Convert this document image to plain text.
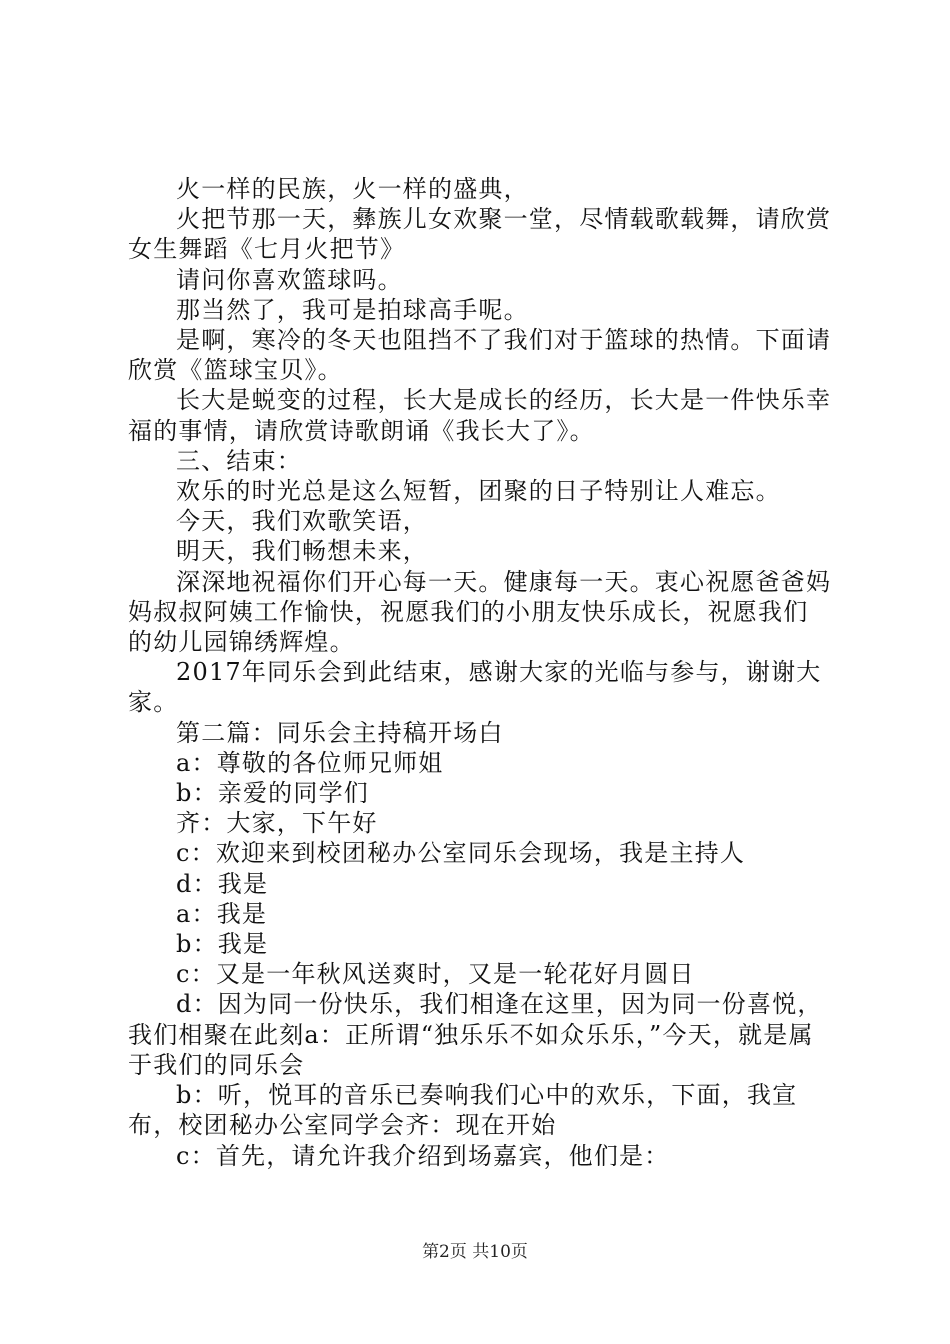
火一样的民族，火一样的盛典，

火把节那一天，彝族儿女欢聚一堂，尽情载歌载舞，请欣赏女生舞蹈《七月火把节》

请问你喜欢篮球吗。

那当然了，我可是拍球高手呢。

是啊，寒冷的冬天也阻挡不了我们对于篮球的热情。下面请欣赏《篮球宝贝》。

长大是蜕变的过程，长大是成长的经历，长大是一件快乐幸福的事情，请欣赏诗歌朗诵《我长大了》。

三、结束：

欢乐的时光总是这么短暂，团聚的日子特别让人难忘。

今天，我们欢歌笑语，

明天，我们畅想未来，

深深地祝福你们开心每一天。健康每一天。衷心祝愿爸爸妈妈叔叔阿姨工作愉快，祝愿我们的小朋友快乐成长，祝愿我们的幼儿园锦绣辉煌。

2017年同乐会到此结束，感谢大家的光临与参与，谢谢大家。

第二篇：同乐会主持稿开场白

a：尊敬的各位师兄师姐

b：亲爱的同学们

齐：大家，下午好

c：欢迎来到校团秘办公室同乐会现场，我是主持人

d：我是

a：我是

b：我是

c：又是一年秋风送爽时，又是一轮花好月圆日

d：因为同一份快乐，我们相逢在这里，因为同一份喜悦，我们相聚在此刻a：正所谓“独乐乐不如众乐乐，”今天，就是属于我们的同乐会

b：听，悦耳的音乐已奏响我们心中的欢乐，下面，我宣布，校团秘办公室同学会齐：现在开始

c：首先，请允许我介绍到场嘉宾，他们是：

第2页 共10页
